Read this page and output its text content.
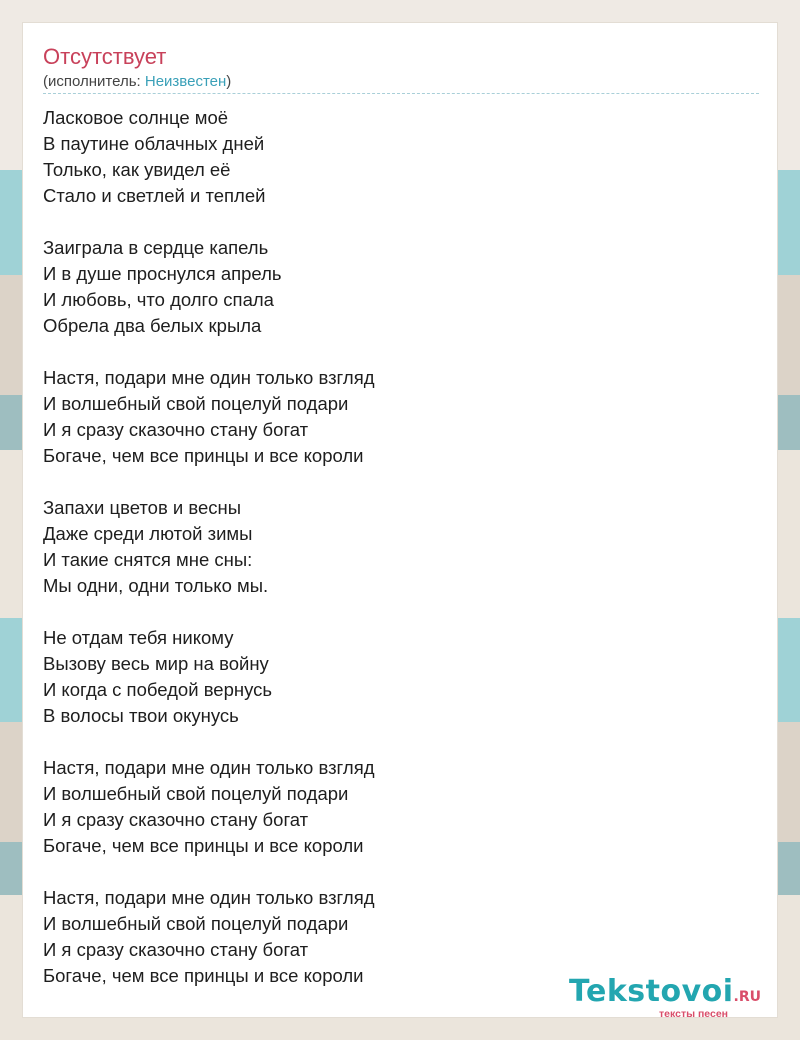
Отсутствует
(исполнитель: Неизвестен)
Ласковое солнце моё
В паутине облачных дней
Только, как увидел её
Стало и светлей и теплей
Заиграла в сердце капель
И в душе проснулся апрель
И любовь, что долго спала
Обрела два белых крыла
Настя, подари мне один только взгляд
И волшебный свой поцелуй подари
И я сразу сказочно стану богат
Богаче, чем все принцы и все короли
Запахи цветов и весны
Даже среди лютой зимы
И такие снятся мне сны:
Мы одни, одни только мы.
Не отдам тебя никому
Вызову весь мир на войну
И когда с победой вернусь
В волосы твои окунусь
Настя, подари мне один только взгляд
И волшебный свой поцелуй подари
И я сразу сказочно стану богат
Богаче, чем все принцы и все короли
Настя, подари мне один только взгляд
И волшебный свой поцелуй подари
И я сразу сказочно стану богат
Богаче, чем все принцы и все короли	Tekstovoi.RU
тексты песен
